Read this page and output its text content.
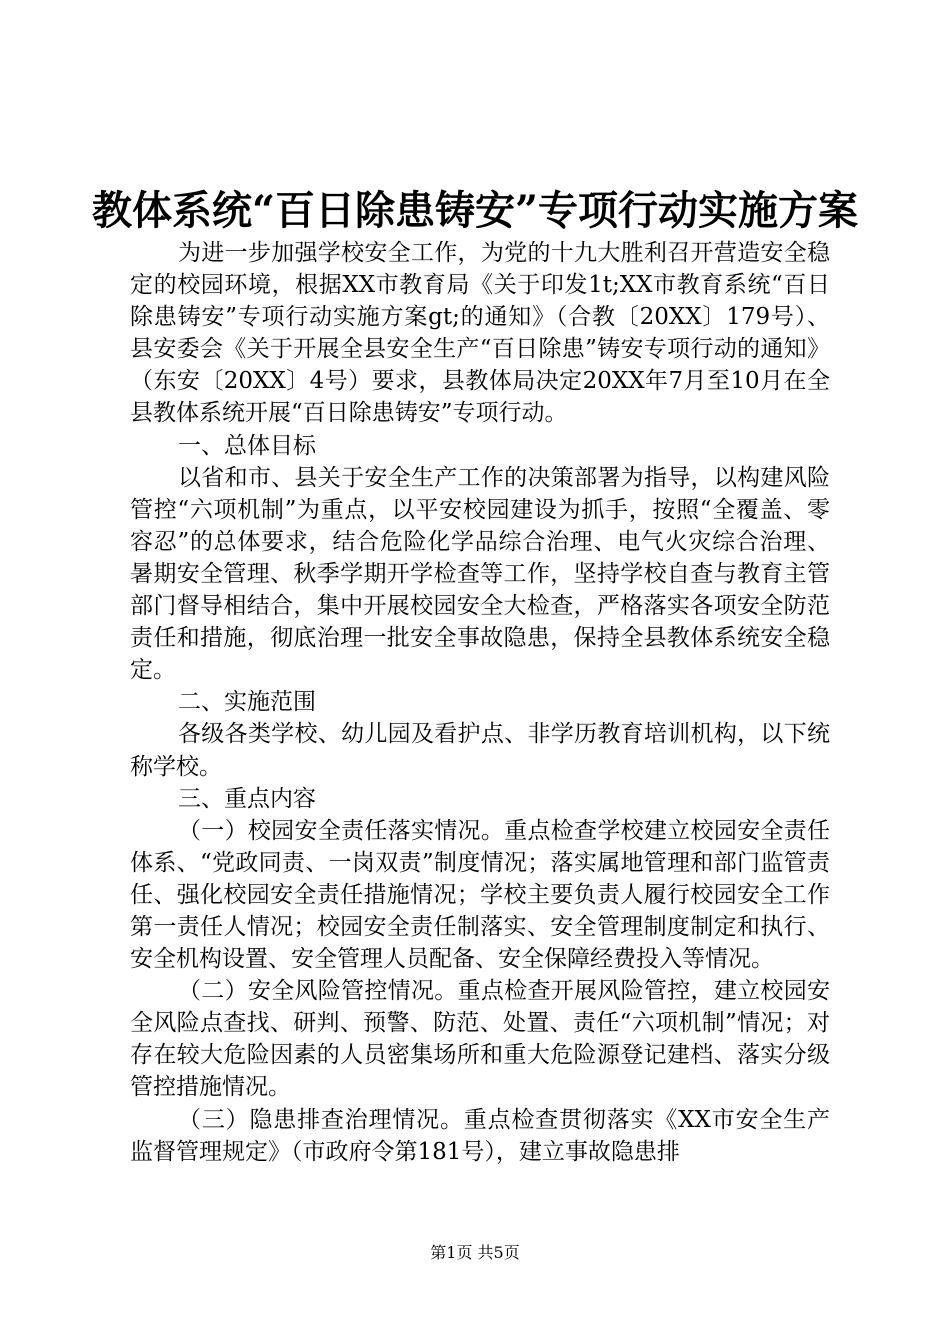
教体系统“百日除患铸安”专项行动实施方案

为进一步加强学校安全工作，为党的十九大胜利召开营造安全稳定的校园环境，根据XX市教育局《关于印发1t;XX市教育系统“百日除患铸安”专项行动实施方案gt;的通知》（合教〔20XX〕179号）、县安委会《关于开展全县安全生产“百日除患”铸安专项行动的通知》（东安〔20XX〕4号）要求，县教体局决定20XX年7月至10月在全县教体系统开展“百日除患铸安”专项行动。

一、总体目标

以省和市、县关于安全生产工作的决策部署为指导，以构建风险管控“六项机制”为重点，以平安校园建设为抓手，按照“全覆盖、零容忍”的总体要求，结合危险化学品综合治理、电气火灾综合治理、暑期安全管理、秋季学期开学检查等工作，坚持学校自查与教育主管部门督导相结合，集中开展校园安全大检查，严格落实各项安全防范责任和措施，彻底治理一批安全事故隐患，保持全县教体系统安全稳定。

二、实施范围

各级各类学校、幼儿园及看护点、非学历教育培训机构，以下统称学校。

三、重点内容

（一）校园安全责任落实情况。重点检查学校建立校园安全责任体系、“党政同责、一岗双责”制度情况；落实属地管理和部门监管责任、强化校园安全责任措施情况；学校主要负责人履行校园安全工作第一责任人情况；校园安全责任制落实、安全管理制度制定和执行、安全机构设置、安全管理人员配备、安全保障经费投入等情况。

（二）安全风险管控情况。重点检查开展风险管控，建立校园安全风险点查找、研判、预警、防范、处置、责任“六项机制”情况；对存在较大危险因素的人员密集场所和重大危险源登记建档、落实分级管控措施情况。

（三）隐患排查治理情况。重点检查贯彻落实《XX市安全生产监督管理规定》（市政府令第181号），建立事故隐患排

第1页 共5页
